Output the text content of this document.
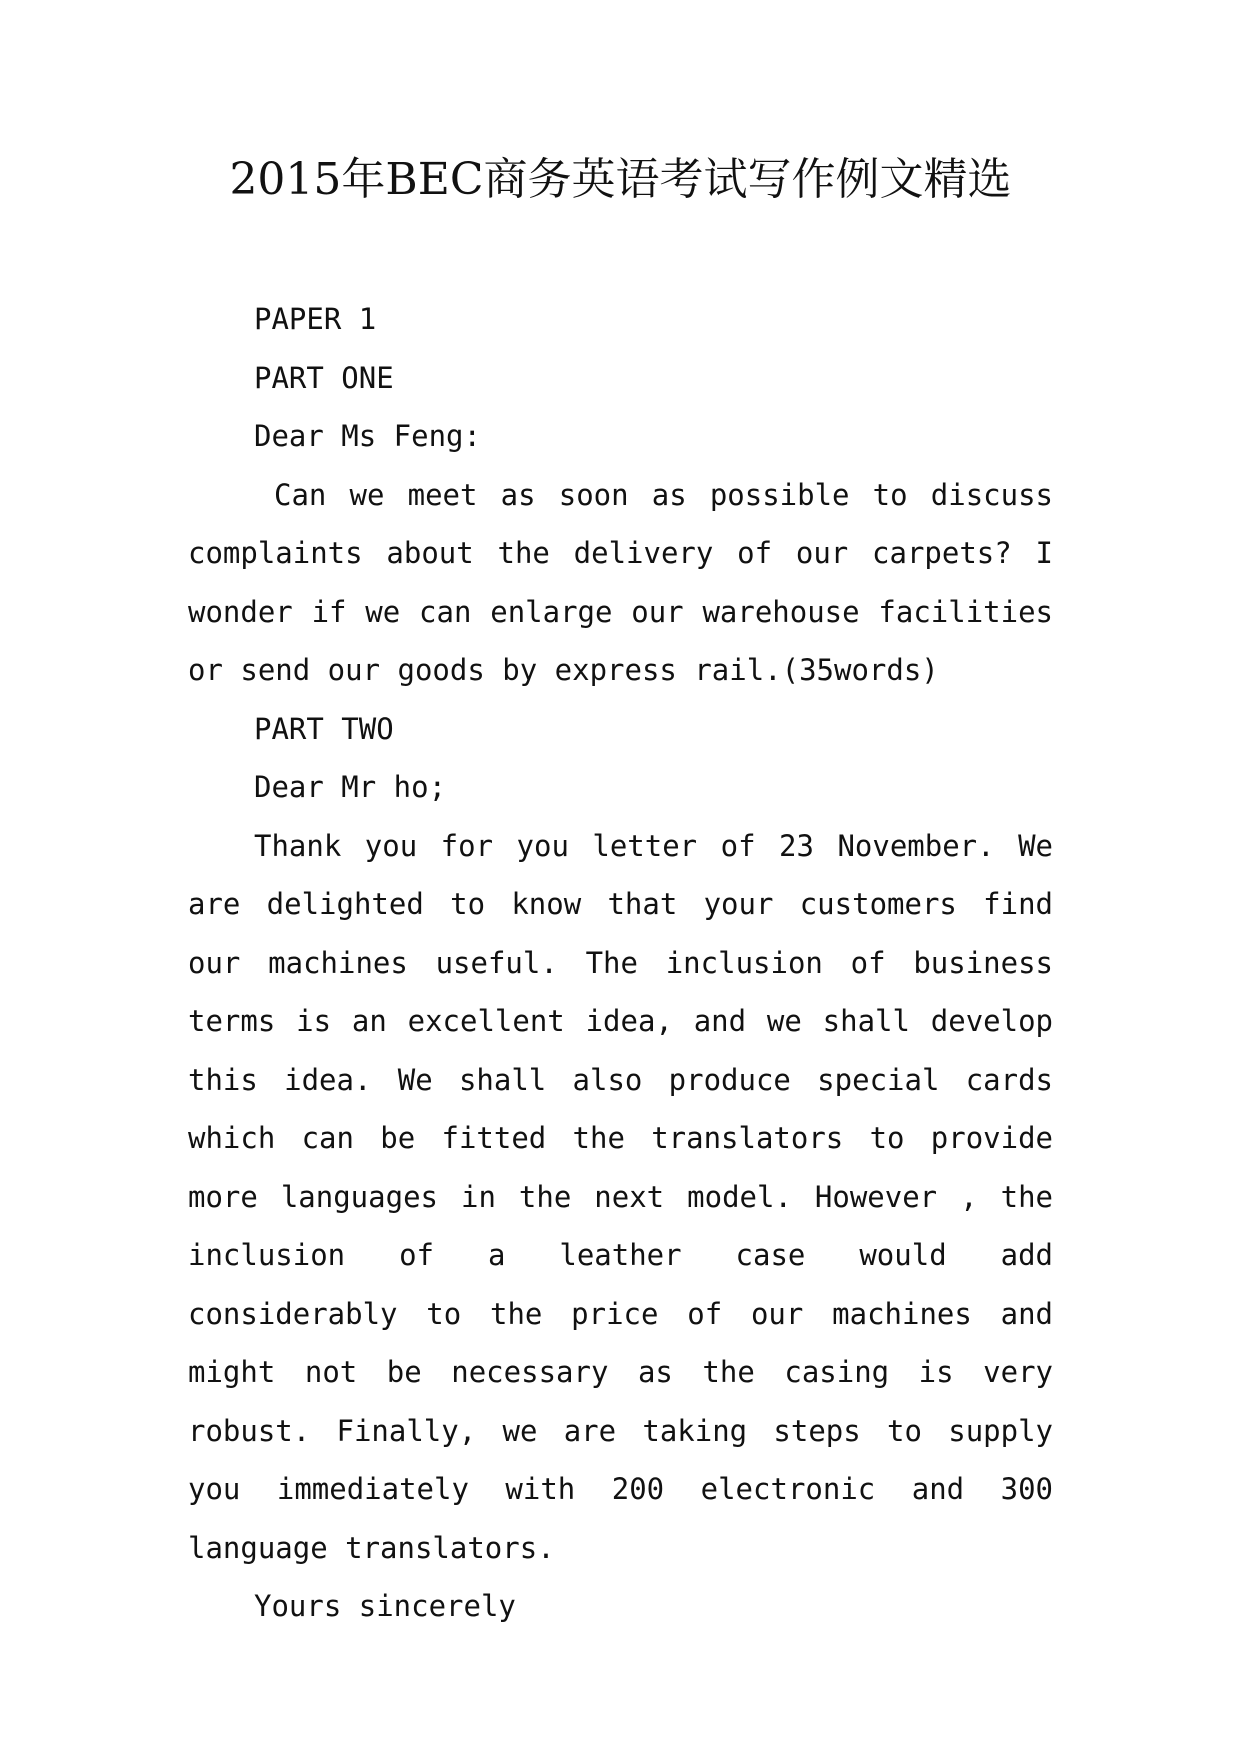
2015年BEC商务英语考试写作例文精选
PAPER 1
PART ONE
Dear Ms Feng:

Can we meet as soon as possible to discuss complaints about the delivery of our carpets? I wonder if we can enlarge our warehouse facilities or send our goods by express rail.(35words)

PART TWO
Dear Mr ho;

Thank you for you letter of 23 November. We are delighted to know that your customers find our machines useful. The inclusion of business terms is an excellent idea, and we shall develop this idea. We shall also produce special cards which can be fitted the translators to provide more languages in the next model. However , the inclusion of a leather case would add considerably to the price of our machines and might not be necessary as the casing is very robust. Finally, we are taking steps to supply you immediately with 200 electronic and 300 language translators.

Yours sincerely
